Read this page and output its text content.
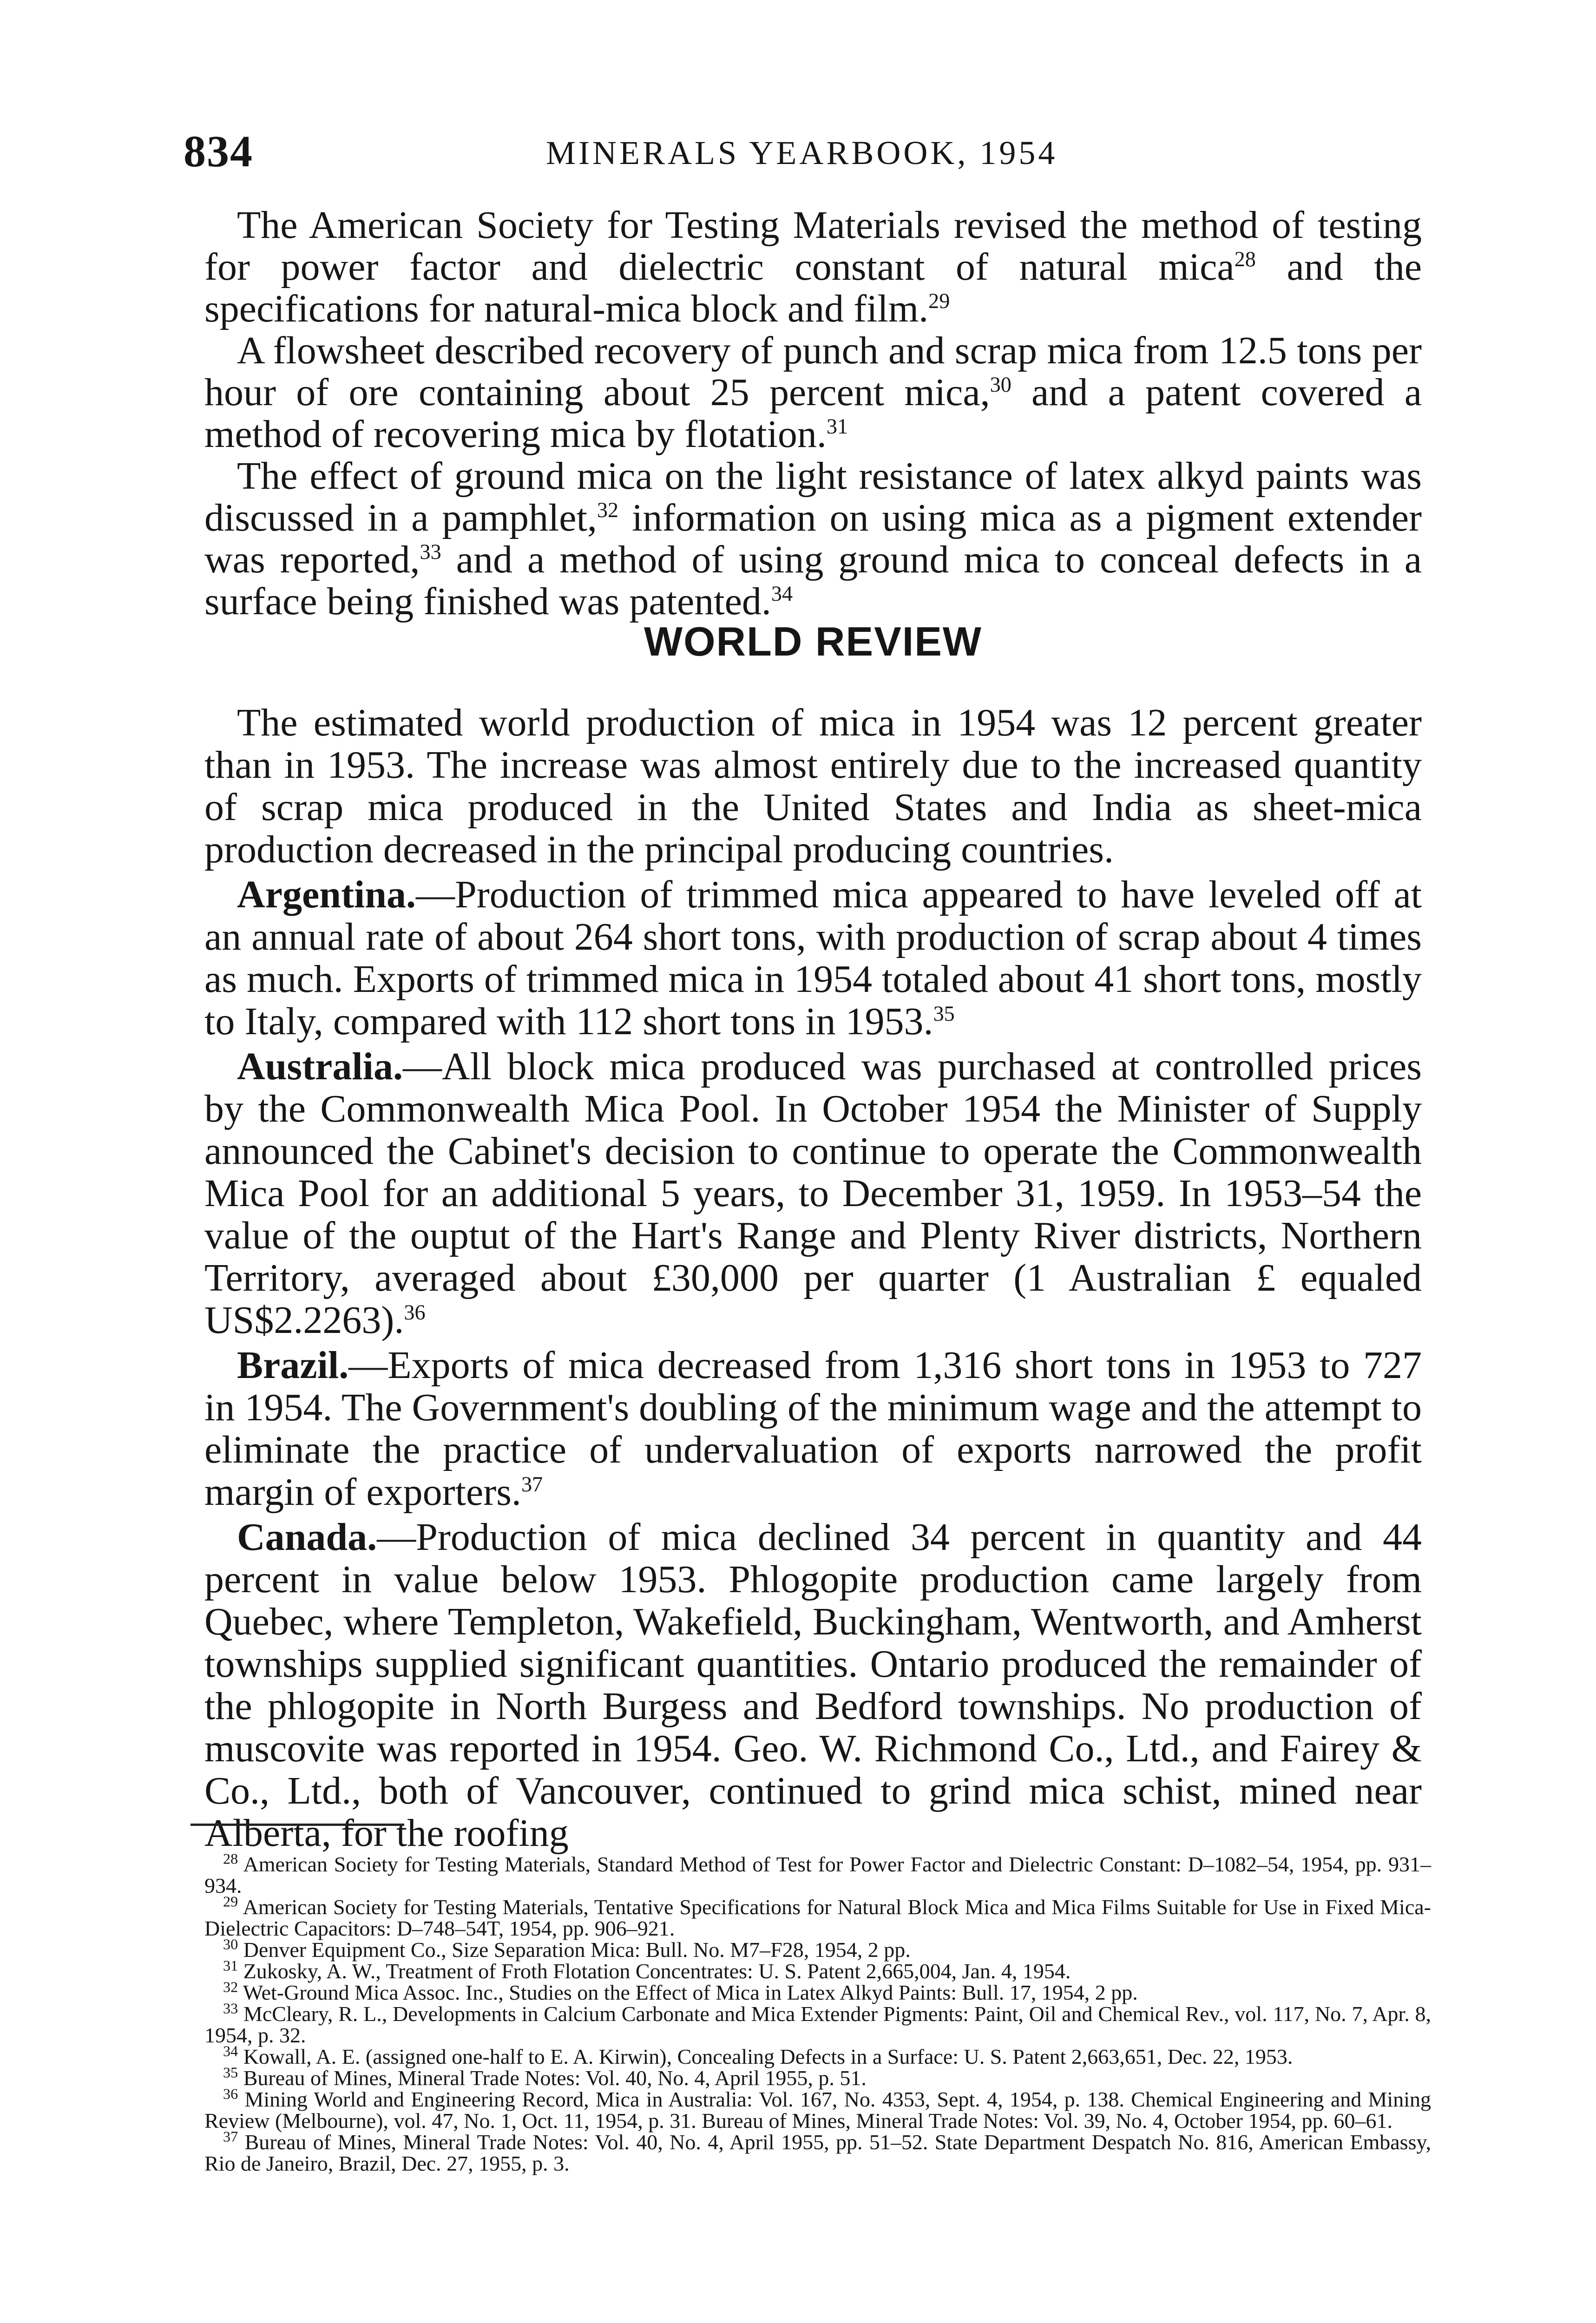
834	MINERALS YEARBOOK, 1954

The American Society for Testing Materials revised the method of testing for power factor and dielectric constant of natural mica$^{28}$ and the specifications for natural-mica block and film.$^{29}$

A flowsheet described recovery of punch and scrap mica from 12.5 tons per hour of ore containing about 25 percent mica,$^{30}$ and a patent covered a method of recovering mica by flotation.$^{31}$

The effect of ground mica on the light resistance of latex alkyd paints was discussed in a pamphlet,$^{32}$ information on using mica as a pigment extender was reported,$^{33}$ and a method of using ground mica to conceal defects in a surface being finished was patented.$^{34}$

WORLD REVIEW

The estimated world production of mica in 1954 was 12 percent greater than in 1953. The increase was almost entirely due to the increased quantity of scrap mica produced in the United States and India as sheet-mica production decreased in the principal producing countries.

Argentina.—Production of trimmed mica appeared to have leveled off at an annual rate of about 264 short tons, with production of scrap about 4 times as much. Exports of trimmed mica in 1954 totaled about 41 short tons, mostly to Italy, compared with 112 short tons in 1953.35

Australia.—All block mica produced was purchased at controlled prices by the Commonwealth Mica Pool. In October 1954 the Minister of Supply announced the Cabinet's decision to continue to operate the Commonwealth Mica Pool for an additional 5 years, to December 31, 1959. In 1953–54 the value of the ouptut of the Hart's Range and Plenty River districts, Northern Territory, averaged about £30,000 per quarter (1 Australian £ equaled US$2.2263).$^{36}$

Brazil.—Exports of mica decreased from 1,316 short tons in 1953 to 727 in 1954. The Government's doubling of the minimum wage and the attempt to eliminate the practice of undervaluation of exports narrowed the profit margin of exporters.$^{37}$

Canada.—Production of mica declined 34 percent in quantity and 44 percent in value below 1953. Phlogopite production came largely from Quebec, where Templeton, Wakefield, Buckingham, Wentworth, and Amherst townships supplied significant quantities. Ontario produced the remainder of the phlogopite in North Burgess and Bedford townships. No production of muscovite was reported in 1954. Geo. W. Richmond Co., Ltd., and Fairey & Co., Ltd., both of Vancouver, continued to grind mica schist, mined near Alberta, for the roofing

$^{28}$ American Society for Testing Materials, Standard Method of Test for Power Factor and Dielectric Constant: D–1082–54, 1954, pp. 931–934.
$^{29}$ American Society for Testing Materials, Tentative Specifications for Natural Block Mica and Mica Films Suitable for Use in Fixed Mica-Dielectric Capacitors: D–748–54T, 1954, pp. 906–921.
$^{30}$ Denver Equipment Co., Size Separation Mica: Bull. No. M7–F28, 1954, 2 pp.
$^{31}$ Zukosky, A. W., Treatment of Froth Flotation Concentrates: U. S. Patent 2,665,004, Jan. 4, 1954.
$^{32}$ Wet-Ground Mica Assoc. Inc., Studies on the Effect of Mica in Latex Alkyd Paints: Bull. 17, 1954, 2 pp.
$^{33}$ McCleary, R. L., Developments in Calcium Carbonate and Mica Extender Pigments: Paint, Oil and Chemical Rev., vol. 117, No. 7, Apr. 8, 1954, p. 32.
$^{34}$ Kowall, A. E. (assigned one-half to E. A. Kirwin), Concealing Defects in a Surface: U. S. Patent 2,663,651, Dec. 22, 1953.
$^{35}$ Bureau of Mines, Mineral Trade Notes: Vol. 40, No. 4, April 1955, p. 51.
$^{36}$ Mining World and Engineering Record, Mica in Australia: Vol. 167, No. 4353, Sept. 4, 1954, p. 138. Chemical Engineering and Mining Review (Melbourne), vol. 47, No. 1, Oct. 11, 1954, p. 31. Bureau of Mines, Mineral Trade Notes: Vol. 39, No. 4, October 1954, pp. 60–61.
$^{37}$ Bureau of Mines, Mineral Trade Notes: Vol. 40, No. 4, April 1955, pp. 51–52. State Department Despatch No. 816, American Embassy, Rio de Janeiro, Brazil, Dec. 27, 1955, p. 3.
